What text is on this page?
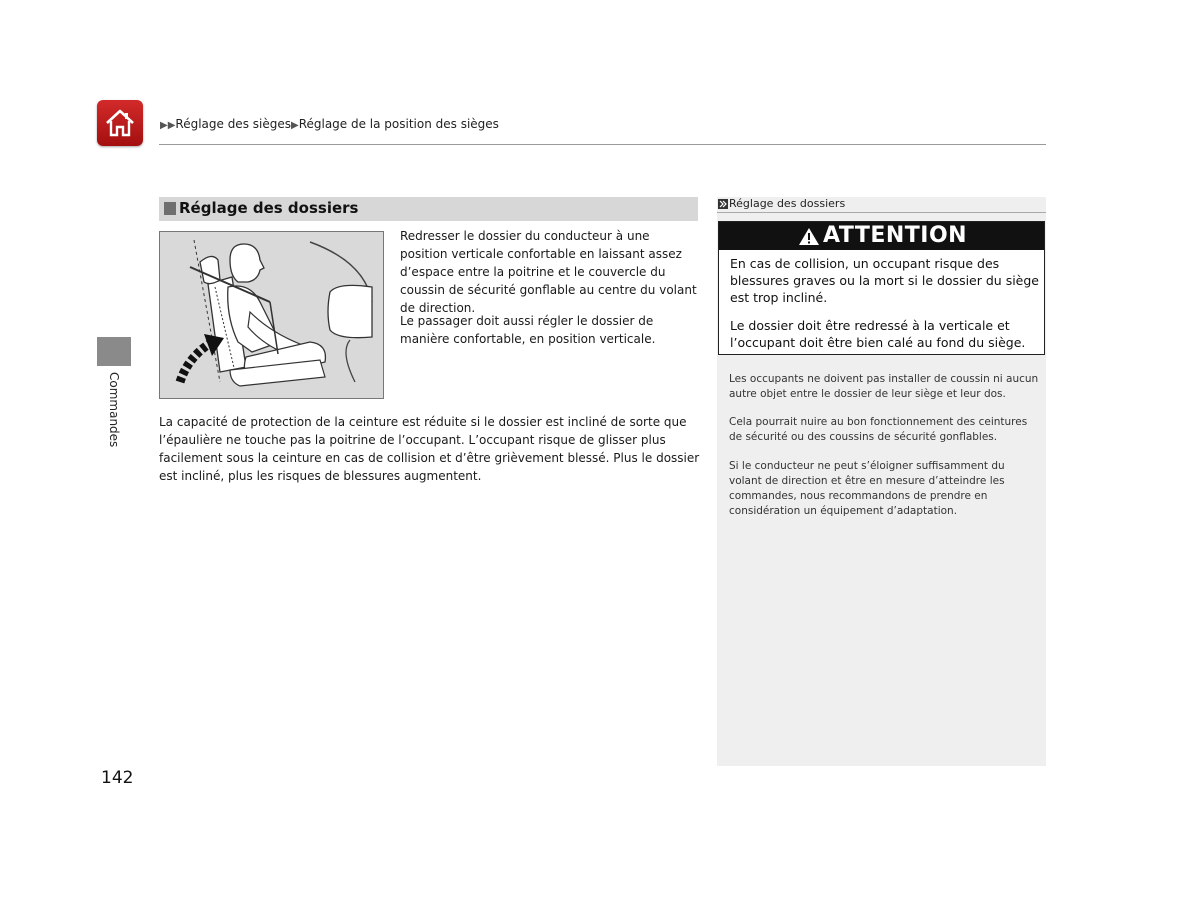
▶▶Réglage des sièges▶Réglage de la position des sièges
Commandes
Réglage des dossiers

Redresser le dossier du conducteur à une position verticale confortable en laissant assez d’espace entre la poitrine et le couvercle du coussin de sécurité gonflable au centre du volant de direction.

Le passager doit aussi régler le dossier de manière confortable, en position verticale.

La capacité de protection de la ceinture est réduite si le dossier est incliné de sorte que l’épaulière ne touche pas la poitrine de l’occupant. L’occupant risque de glisser plus facilement sous la ceinture en cas de collision et d’être grièvement blessé. Plus le dossier est incliné, plus les risques de blessures augmentent.

142
Réglage des dossiers
ATTENTION

En cas de collision, un occupant risque des blessures graves ou la mort si le dossier du siège est trop incliné.

Le dossier doit être redressé à la verticale et l’occupant doit être bien calé au fond du siège.

Les occupants ne doivent pas installer de coussin ni aucun autre objet entre le dossier de leur siège et leur dos.

Cela pourrait nuire au bon fonctionnement des ceintures de sécurité ou des coussins de sécurité gonflables.

Si le conducteur ne peut s’éloigner suffisamment du volant de direction et être en mesure d’atteindre les commandes, nous recommandons de prendre en considération un équipement d’adaptation.
